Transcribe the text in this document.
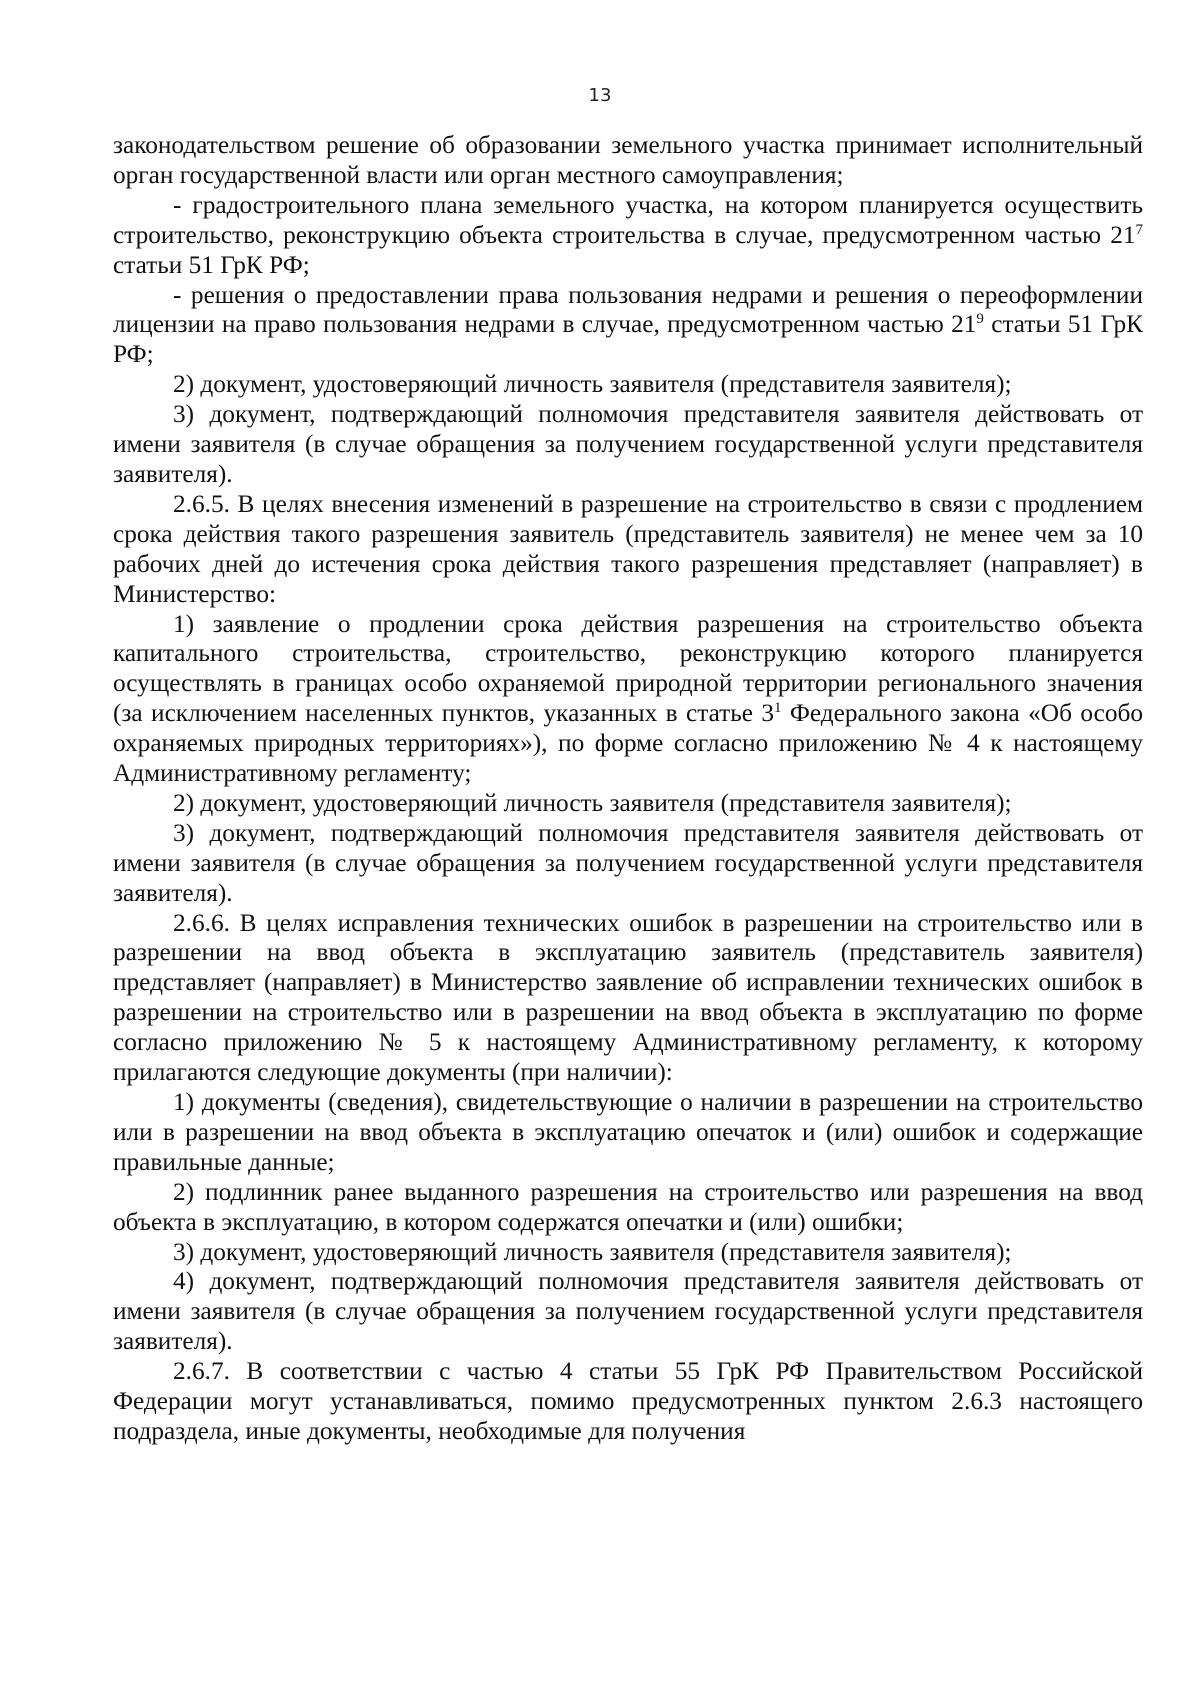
13

законодательством решение об образовании земельного участка принимает исполнительный орган государственной власти или орган местного самоуправления;

- градостроительного плана земельного участка, на котором планируется осуществить строительство, реконструкцию объекта строительства в случае, предусмотренном частью $21^7$ статьи 51 ГрК РФ;

- решения о предоставлении права пользования недрами и решения о переоформлении лицензии на право пользования недрами в случае, предусмотренном частью $21^9$ статьи 51 ГрК РФ;

2) документ, удостоверяющий личность заявителя (представителя заявителя);

3) документ, подтверждающий полномочия представителя заявителя действовать от имени заявителя (в случае обращения за получением государственной услуги представителя заявителя).

2.6.5. В целях внесения изменений в разрешение на строительство в связи с продлением срока действия такого разрешения заявитель (представитель заявителя) не менее чем за 10 рабочих дней до истечения срока действия такого разрешения представляет (направляет) в Министерство:

1) заявление о продлении срока действия разрешения на строительство объекта капитального строительства, строительство, реконструкцию которого планируется осуществлять в границах особо охраняемой природной территории регионального значения (за исключением населенных пунктов, указанных в статье $3^1$ Федерального закона «Об особо охраняемых природных территориях»), по форме согласно приложению № 4 к настоящему Административному регламенту;

2) документ, удостоверяющий личность заявителя (представителя заявителя);

3) документ, подтверждающий полномочия представителя заявителя действовать от имени заявителя (в случае обращения за получением государственной услуги представителя заявителя).

2.6.6. В целях исправления технических ошибок в разрешении на строительство или в разрешении на ввод объекта в эксплуатацию заявитель (представитель заявителя) представляет (направляет) в Министерство заявление об исправлении технических ошибок в разрешении на строительство или в разрешении на ввод объекта в эксплуатацию по форме согласно приложению № 5 к настоящему Административному регламенту, к которому прилагаются следующие документы (при наличии):

1) документы (сведения), свидетельствующие о наличии в разрешении на строительство или в разрешении на ввод объекта в эксплуатацию опечаток и (или) ошибок и содержащие правильные данные;

2) подлинник ранее выданного разрешения на строительство или разрешения на ввод объекта в эксплуатацию, в котором содержатся опечатки и (или) ошибки;

3) документ, удостоверяющий личность заявителя (представителя заявителя);

4) документ, подтверждающий полномочия представителя заявителя действовать от имени заявителя (в случае обращения за получением государственной услуги представителя заявителя).

2.6.7. В соответствии с частью 4 статьи 55 ГрК РФ Правительством Российской Федерации могут устанавливаться, помимо предусмотренных пунктом 2.6.3 настоящего подраздела, иные документы, необходимые для получения
